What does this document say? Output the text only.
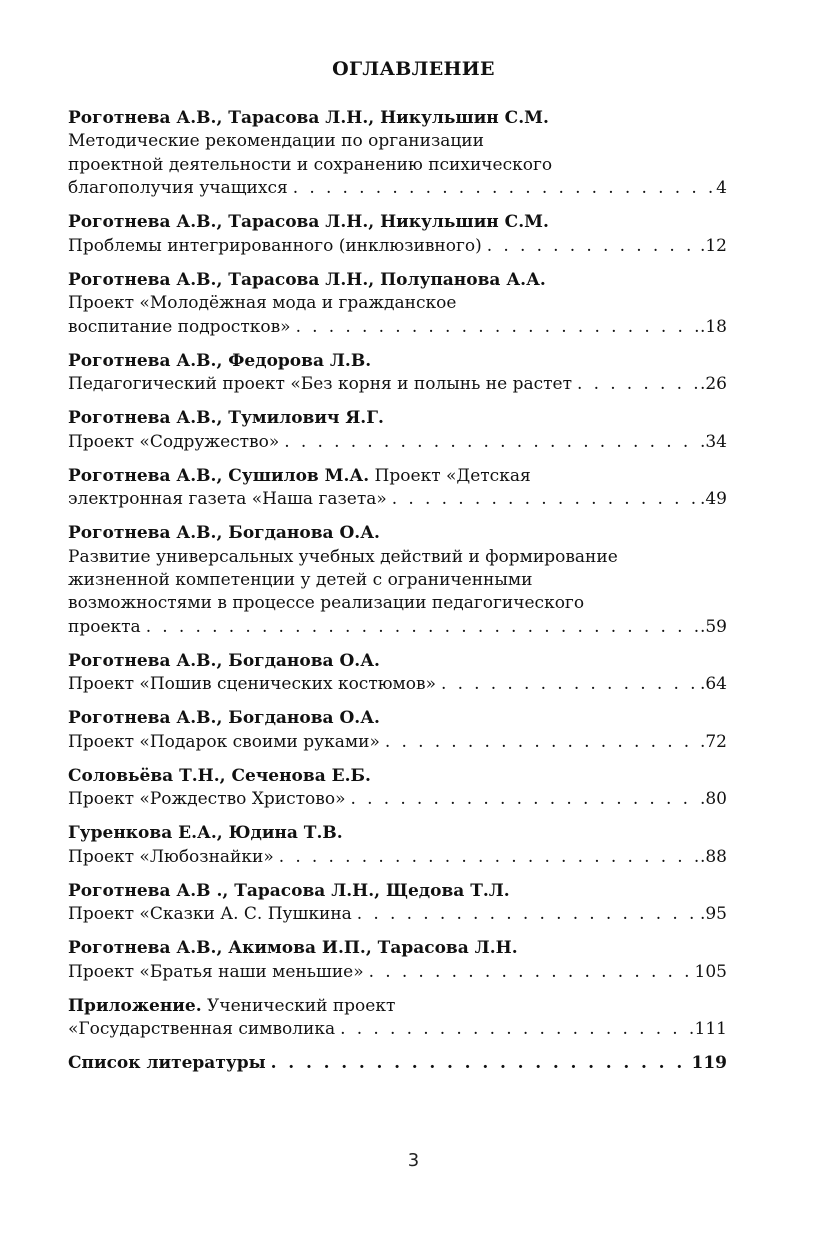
ОГЛАВЛЕНИЕ
Роготнева А.В., Тарасова Л.Н., Никульшин С.М.
Методические рекомендации по организации
проектной деятельности и сохранению психического
благополучия учащихся . . .	4
Роготнева А.В., Тарасова Л.Н., Никульшин С.М.
Проблемы интегрированного (инклюзивного) . . .	.12
Роготнева А.В., Тарасова Л.Н., Полупанова А.А.
Проект «Молодёжная мода и гражданское
воспитание подростков» . . .	.18
Роготнева А.В., Федорова Л.В.
Педагогический проект «Без корня и полынь не растет . . .	.26
Роготнева А.В., Тумилович Я.Г.
Проект «Содружество» . . .	.34
Роготнева А.В., Сушилов М.А. Проект «Детская
электронная газета «Наша газета» . . .	.49
Роготнева А.В., Богданова О.А.
Развитие универсальных учебных действий и формирование
жизненной компетенции у детей с ограниченными
возможностями в процессе реализации педагогического
проекта . . .	.59
Роготнева А.В., Богданова О.А.
Проект «Пошив сценических костюмов» . . .	.64
Роготнева А.В., Богданова О.А.
Проект «Подарок своими руками» . . .	.72
Соловьёва Т.Н., Сеченова Е.Б.
Проект «Рождество Христово» . . .	.80
Гуренкова Е.А., Юдина Т.В.
Проект «Любознайки» . . .	.88
Роготнева А.В ., Тарасова Л.Н., Щедова Т.Л.
Проект «Сказки А. С. Пушкина . . .	.95
Роготнева А.В., Акимова И.П., Тарасова Л.Н.
Проект «Братья наши меньшие» . . .	105
Приложение. Ученический проект
«Государственная символика . . .	111
Список литературы . . .	119
3
